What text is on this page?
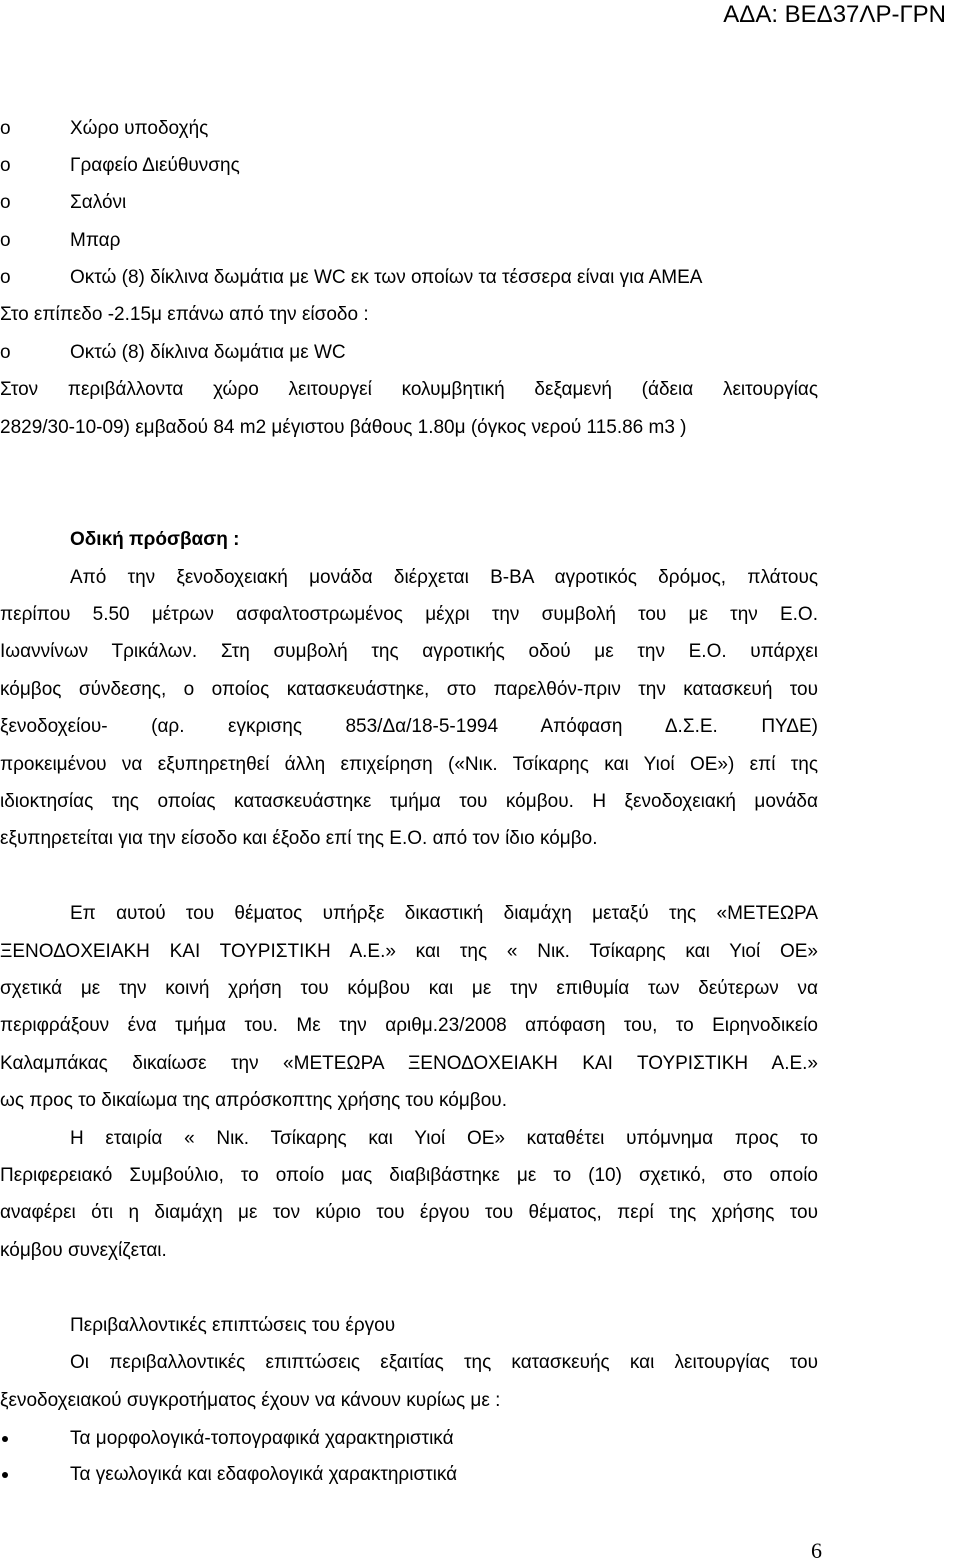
ΑΔΑ: ΒΕΔ37ΛΡ-ΓΡΝ
o	Χώρο υποδοχής
o	Γραφείο Διεύθυνσης
o	Σαλόνι
o	Μπαρ
o	Οκτώ (8) δίκλινα δωμάτια με WC εκ των οποίων τα τέσσερα είναι για ΑΜΕΑ
Στο επίπεδο -2.15μ επάνω από την είσοδο :
o	Οκτώ (8) δίκλινα δωμάτια με WC
Στον περιβάλλοντα χώρο λειτουργεί κολυμβητική δεξαμενή (άδεια λειτουργίας
2829/30-10-09) εμβαδού 84 m2 μέγιστου βάθους 1.80μ (όγκος νερού 115.86 m3 )
Οδική πρόσβαση :
Από την ξενοδοχειακή μονάδα διέρχεται Β-ΒΑ αγροτικός δρόμος, πλάτους
περίπου 5.50 μέτρων ασφαλτοστρωμένος μέχρι την συμβολή του με την Ε.Ο.
Ιωαννίνων Τρικάλων. Στη συμβολή της αγροτικής οδού με την Ε.Ο. υπάρχει
κόμβος σύνδεσης, ο οποίος κατασκευάστηκε, στο παρελθόν-πριν την κατασκευή του
ξενοδοχείου- (αρ. εγκρισης 853/Δα/18-5-1994 Απόφαση Δ.Σ.Ε. ΠΥΔΕ)
προκειμένου να εξυπηρετηθεί άλλη επιχείρηση («Νικ. Τσίκαρης και Υιοί ΟΕ») επί της
ιδιοκτησίας της οποίας κατασκευάστηκε τμήμα του κόμβου. Η ξενοδοχειακή μονάδα
εξυπηρετείται για την είσοδο και έξοδο επί της Ε.Ο. από τον ίδιο κόμβο.
Επ αυτού του θέματος υπήρξε δικαστική διαμάχη μεταξύ της «ΜΕΤΕΩΡΑ
ΞΕΝΟΔΟΧΕΙΑΚΗ ΚΑΙ ΤΟΥΡΙΣΤΙΚΗ Α.Ε.» και της « Νικ. Τσίκαρης και Υιοί ΟΕ»
σχετικά με την κοινή χρήση του κόμβου και με την επιθυμία των δεύτερων να
περιφράξουν ένα τμήμα του. Με την αριθμ.23/2008 απόφαση του, το Ειρηνοδικείο
Καλαμπάκας δικαίωσε την «ΜΕΤΕΩΡΑ ΞΕΝΟΔΟΧΕΙΑΚΗ ΚΑΙ ΤΟΥΡΙΣΤΙΚΗ Α.Ε.»
ως προς το δικαίωμα της απρόσκοπτης χρήσης του κόμβου.
Η εταιρία « Νικ. Τσίκαρης και Υιοί ΟΕ» καταθέτει υπόμνημα προς το
Περιφερειακό Συμβούλιο, το οποίο μας διαβιβάστηκε με το (10) σχετικό, στο οποίο
αναφέρει ότι η διαμάχη με τον κύριο του έργου του θέματος, περί της χρήσης του
κόμβου συνεχίζεται.
Περιβαλλοντικές επιπτώσεις του έργου
Οι περιβαλλοντικές επιπτώσεις εξαιτίας της κατασκευής και λειτουργίας του
ξενοδοχειακού συγκροτήματος έχουν να κάνουν κυρίως με :
Τα μορφολογικά-τοπογραφικά χαρακτηριστικά
Τα γεωλογικά και εδαφολογικά χαρακτηριστικά
6
